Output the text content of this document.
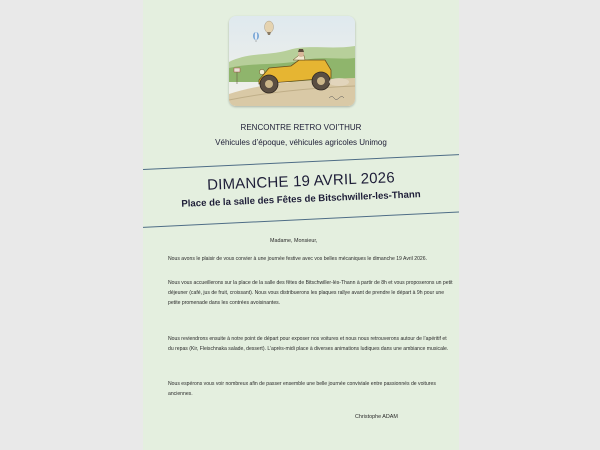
RENCONTRE RETRO VOI’THUR
Véhicules d’époque, véhicules agricoles Unimog
DIMANCHE 19 AVRIL 2026
Place de la salle des Fêtes de Bitschwiller-les-Thann
Madame, Monsieur,
Nous avons le plaisir de vous convier à une journée festive avec vos belles mécaniques le dimanche 19 Avril 2026.
Nous vous accueillerons sur la place de la salle des fêtes de Bitschwiller-lès-Thann à partir de 8h et vous proposerons un petit déjeuner (café, jus de fruit, croissant). Nous vous distribuerons les plaques rallye avant de prendre le départ à 9h pour une petite promenade dans les contrées avoisinantes.
Nous reviendrons ensuite à notre point de départ pour exposer nos voitures et nous nous retrouverons autour de l’apéritif et du repas (Kir, Fleischnaka salade, dessert). L’après-midi place à diverses animations ludiques dans une ambiance musicale.
Nous espérons vous voir nombreux afin de passer ensemble une belle journée conviviale entre passionnés de voitures anciennes.
Christophe ADAM
